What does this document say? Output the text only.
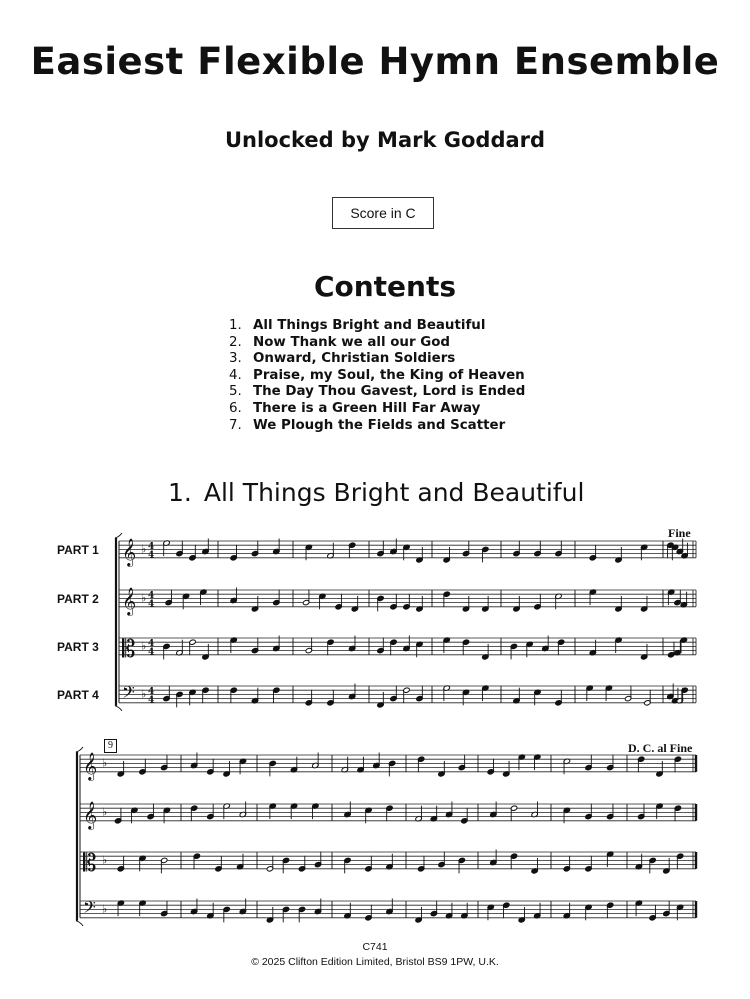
Easiest Flexible Hymn Ensemble
Unlocked by Mark Goddard
Score in C
Contents
1. All Things Bright and Beautiful
2. Now Thank we all our God
3. Onward, Christian Soldiers
4. Praise, my Soul, the King of Heaven
5. The Day Thou Gavest, Lord is Ended
6. There is a Green Hill Far Away
7. We Plough the Fields and Scatter
1. All Things Bright and Beautiful
PART 1
PART 2
PART 3
PART 4
Fine
D. C. al Fine
9
𝄞 ♭ 4
4
𝄞 ♭ 4
4
𝄡 ♭ 4
4
𝄢 ♭ 4
4
𝄞 ♭
𝄞 ♭
𝄡 ♭
𝄢 ♭
C741
© 2025 Clifton Edition Limited, Bristol BS9 1PW, U.K.
